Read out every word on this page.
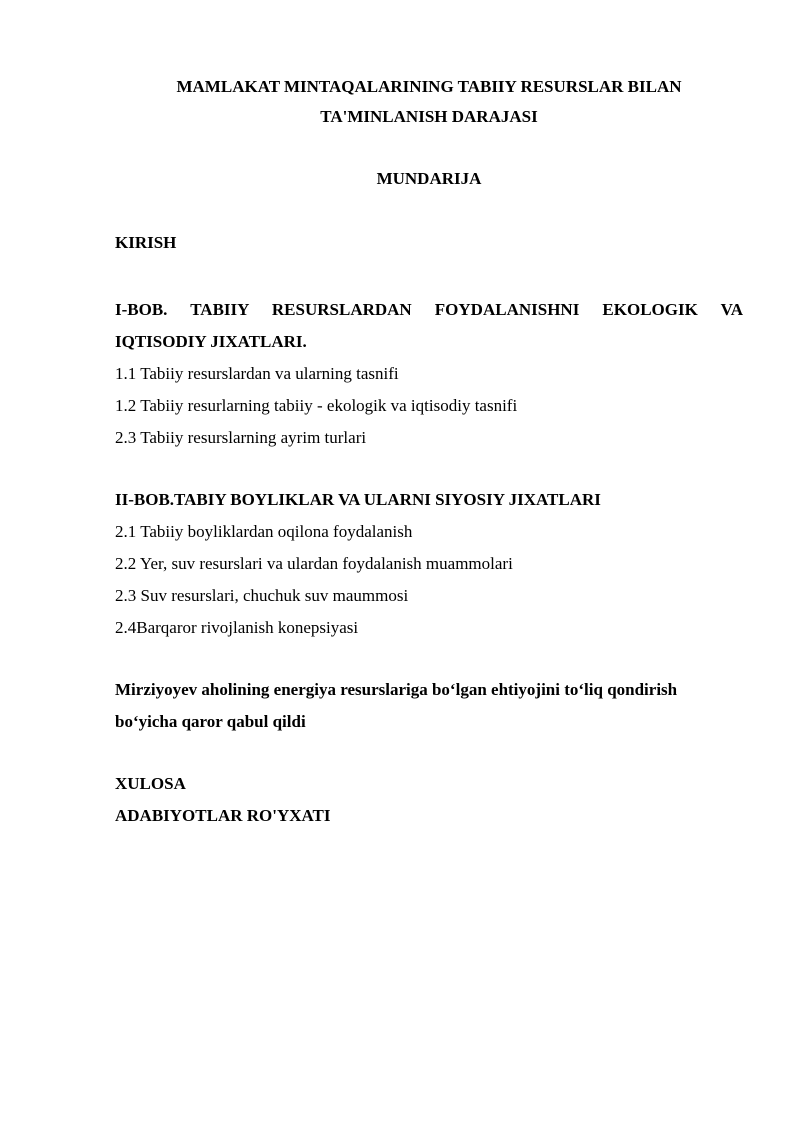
MAMLAKAT MINTAQALARINING TABIIY RESURSLAR BILAN

TA'MINLANISH DARAJASI

MUNDARIJA

KIRISH

I-BOB. TABIIY RESURSLARDAN FOYDALANISHNI EKOLOGIK VA IQTISODIY JIXATLARI.

1.1 Tabiiy resurslardan va ularning tasnifi

1.2 Tabiiy resurlarning tabiiy - ekologik va iqtisodiy tasnifi

2.3 Tabiiy resurslarning ayrim turlari

II-BOB.TABIY BOYLIKLAR VA ULARNI SIYOSIY JIXATLARI

2.1 Tabiiy boyliklardan oqilona foydalanish

2.2 Yer, suv resurslari va ulardan foydalanish muammolari

2.3 Suv resurslari, chuchuk suv maummosi

2.4Barqaror rivojlanish konepsiyasi

Mirziyoyev aholining energiya resurslariga bo‘lgan ehtiyojini to‘liq qondirish bo‘yicha qaror qabul qildi

XULOSA

ADABIYOTLAR RO'YXATI
